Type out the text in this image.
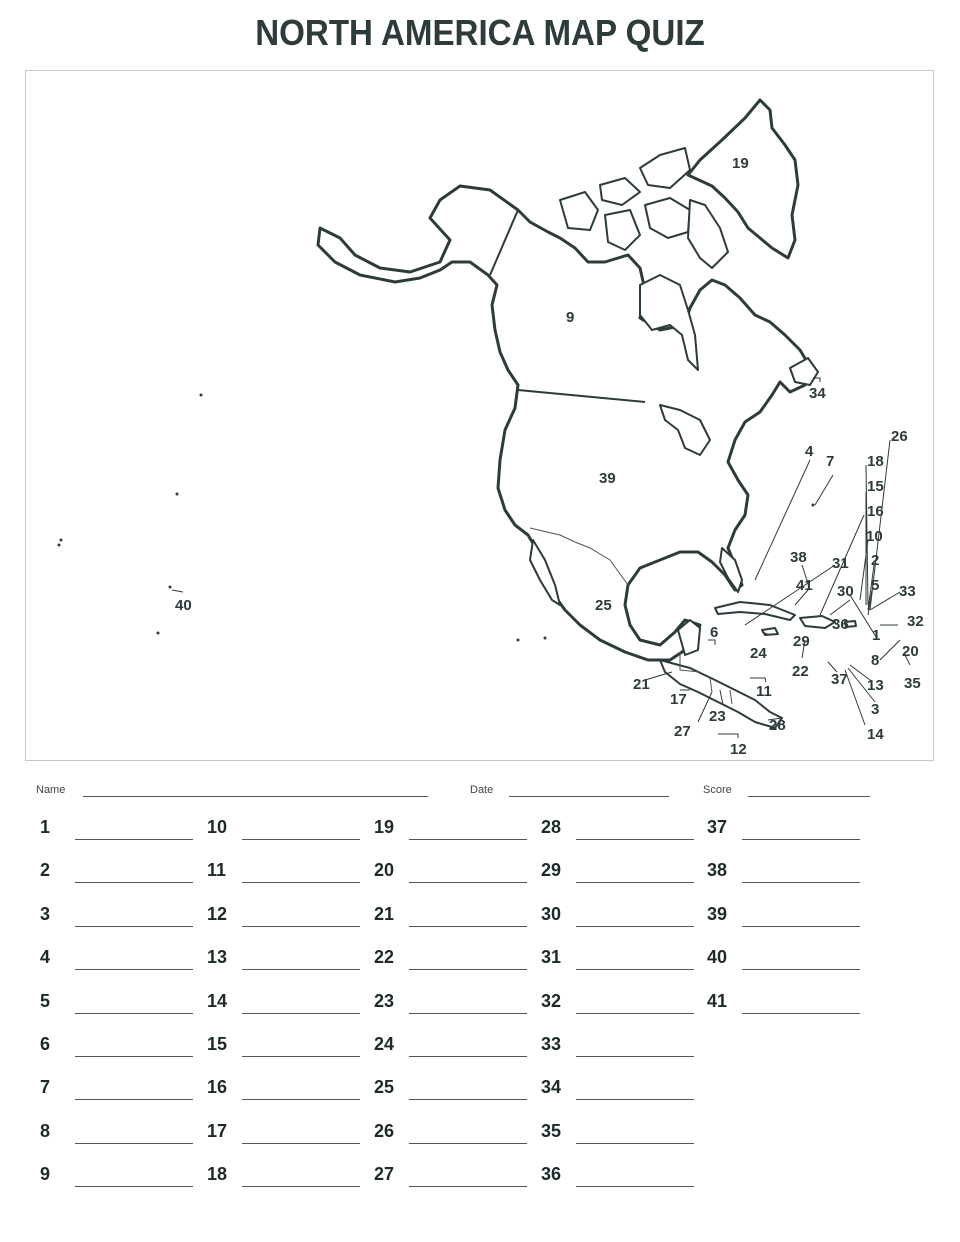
NORTH AMERICA MAP QUIZ
1
2
3
4
5
6
7
8
9
10
11
12
13
14
15
16
17
18
19
20
21
22
23
24
25
26
27	28
29
30
31
32
33
34
35
36
37
38
39
40
41
Name	Date	Score
1
2
3
4
5
6
7
8
9
10
11
12
13
14
15
16
17
18
19
20
21
22
23
24
25
26
27
28
29
30
31
32
33
34
35
36
37
38
39
40
41
